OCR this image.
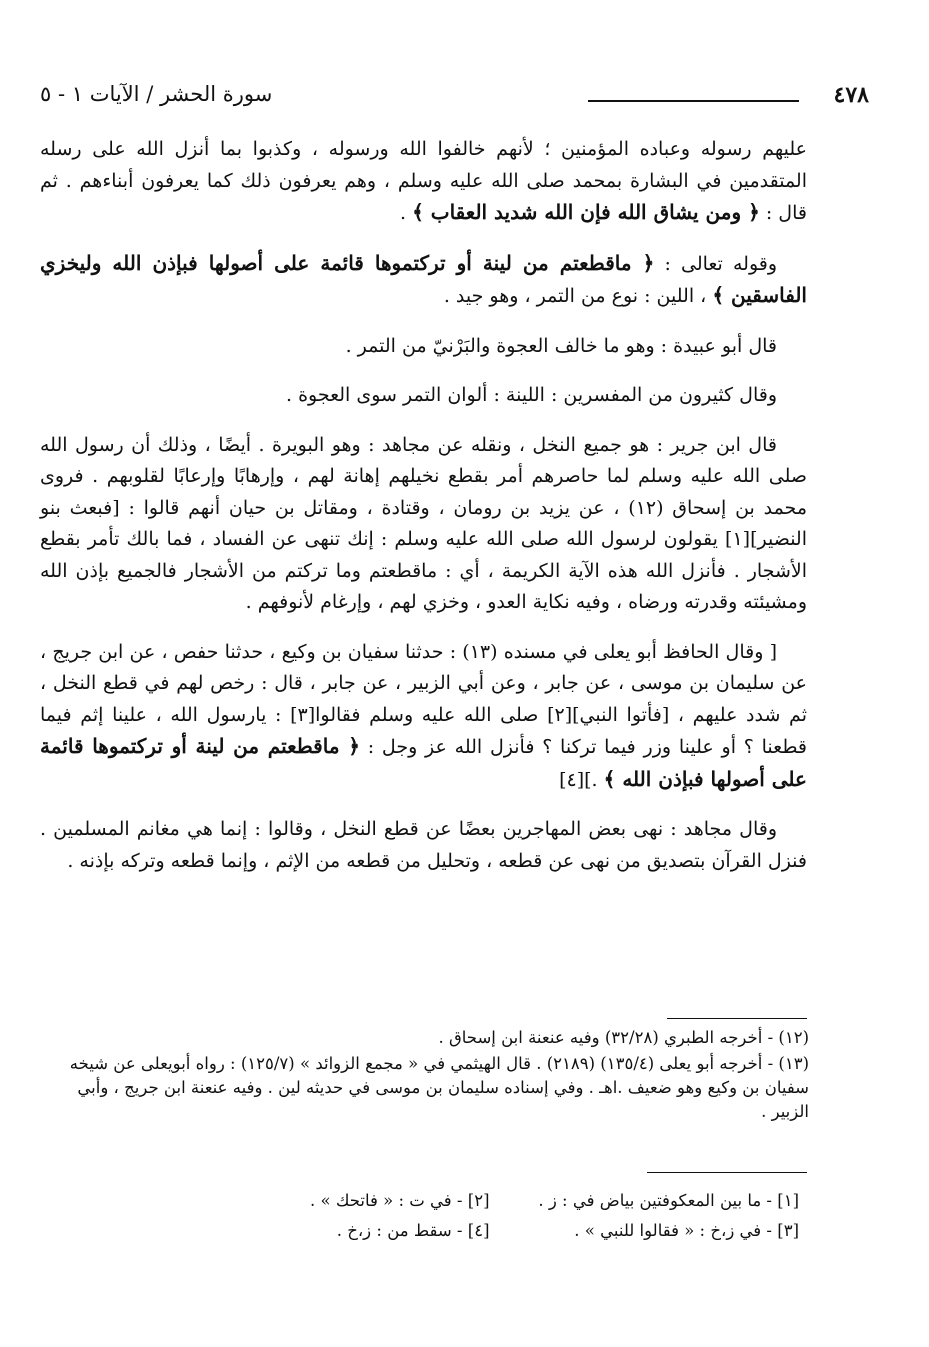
٤٧٨
سورة الحشر / الآيات ١ - ٥

عليهم رسوله وعباده المؤمنين ؛ لأنهم خالفوا الله ورسوله ، وكذبوا بما أنزل الله على رسله المتقدمين في البشارة بمحمد صلى الله عليه وسلم ، وهم يعرفون ذلك كما يعرفون أبناءهم . ثم قال : ﴿ ومن يشاق الله فإن الله شديد العقاب ﴾ .

وقوله تعالى : ﴿ ماقطعتم من لينة أو تركتموها قائمة على أصولها فبإذن الله وليخزي الفاسقين ﴾ ، اللين : نوع من التمر ، وهو جيد .

قال أبو عبيدة : وهو ما خالف العجوة والبَرْنيّ من التمر .

وقال كثيرون من المفسرين : اللينة : ألوان التمر سوى العجوة .

قال ابن جرير : هو جميع النخل ، ونقله عن مجاهد : وهو البويرة . أيضًا ، وذلك أن رسول الله صلى الله عليه وسلم لما حاصرهم أمر بقطع نخيلهم إهانة لهم ، وإرهابًا وإرعابًا لقلوبهم . فروى محمد بن إسحاق (١٢) ، عن يزيد بن رومان ، وقتادة ، ومقاتل بن حيان أنهم قالوا : [فبعث بنو النضير][١] يقولون لرسول الله صلى الله عليه وسلم : إنك تنهى عن الفساد ، فما بالك تأمر بقطع الأشجار . فأنزل الله هذه الآية الكريمة ، أي : ماقطعتم وما تركتم من الأشجار فالجميع بإذن الله ومشيئته وقدرته ورضاه ، وفيه نكاية العدو ، وخزي لهم ، وإرغام لأنوفهم .

[ وقال الحافظ أبو يعلى في مسنده (١٣) : حدثنا سفيان بن وكيع ، حدثنا حفص ، عن ابن جريج ، عن سليمان بن موسى ، عن جابر ، وعن أبي الزبير ، عن جابر ، قال : رخص لهم في قطع النخل ، ثم شدد عليهم ، [فأتوا النبي][٢] صلى الله عليه وسلم فقالوا[٣] : يارسول الله ، علينا إثم فيما قطعنا ؟ أو علينا وزر فيما تركنا ؟ فأنزل الله عز وجل : ﴿ ماقطعتم من لينة أو تركتموها قائمة على أصولها فبإذن الله ﴾ .][٤]

وقال مجاهد : نهى بعض المهاجرين بعضًا عن قطع النخل ، وقالوا : إنما هي مغانم المسلمين . فنزل القرآن بتصديق من نهى عن قطعه ، وتحليل من قطعه من الإثم ، وإنما قطعه وتركه بإذنه .

(١٢) - أخرجه الطبري (٣٢/٢٨) وفيه عنعنة ابن إسحاق .

(١٣) - أخرجه أبو يعلى (١٣٥/٤) (٢١٨٩) . قال الهيثمي في « مجمع الزوائد » (١٢٥/٧) : رواه أبويعلى عن شيخه سفيان بن وكيع وهو ضعيف .اهـ . وفي إسناده سليمان بن موسى في حديثه لين . وفيه عنعنة ابن جريج ، وأبي الزبير .

[١] - ما بين المعكوفتين بياض في : ز .
[٢] - في ت : « فاتحك » .
[٣] - في ز،خ : « فقالوا للنبي » .
[٤] - سقط من : ز،خ .
